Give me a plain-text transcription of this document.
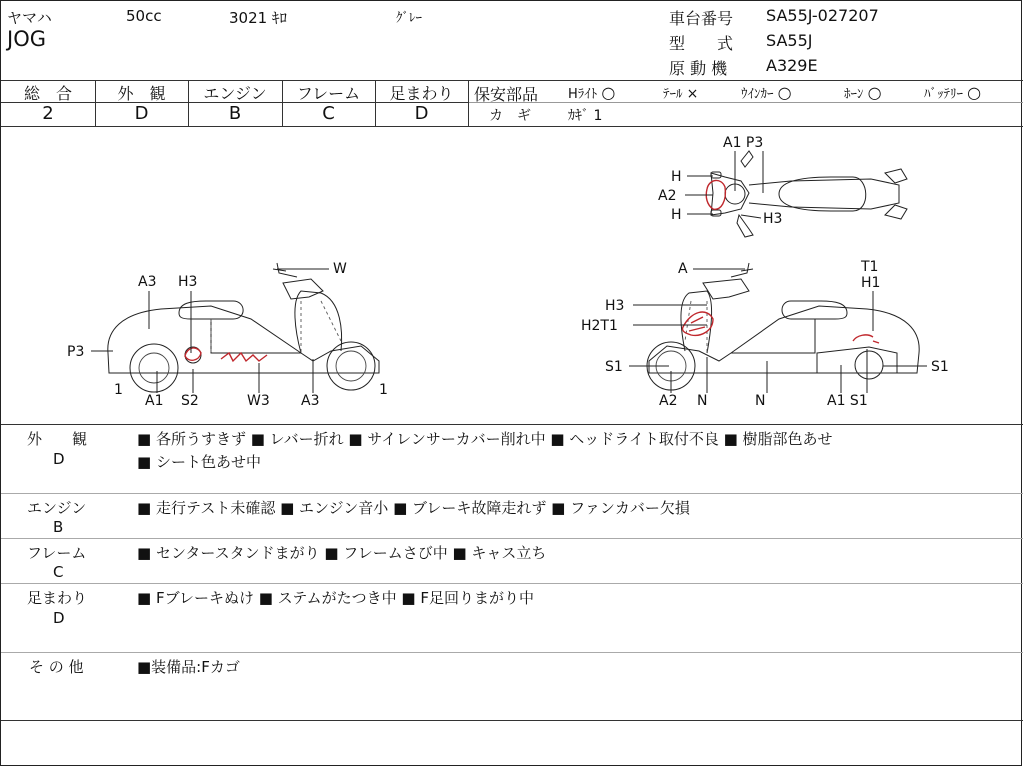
ヤマハ	50cc	3021 ｷﾛ	ｸﾞﾚｰ
JOG
車台番号 SA55J-027207
型　　式 SA55J
原 動 機 A329E
総　合	外　観	エンジン	フレーム	足まわり
2	D	B	C	D
保安部品 Hﾗｲﾄ ○	ﾃｰﾙ ×	ｳｲﾝｶｰ ○	ﾎｰﾝ ○	ﾊﾞｯﾃﾘｰ ○
カ　ギ	ｶｷﾞ 1
A3 H3
W
P3
1	1
A1 S2	W3 A3
A1 P3
H
A2
H	H3
A	T1
H1
H3
H2T1
S1	S1
A2 N	N	A1 S1
外　　観
D
■ 各所うすきず ■ レバー折れ ■ サイレンサーカバー削れ中 ■ ヘッドライト取付不良 ■ 樹脂部色あせ
■ シート色あせ中
エンジン
B
■ 走行テスト未確認 ■ エンジン音小 ■ ブレーキ故障走れず ■ ファンカバー欠損
フレーム
C
■ センタースタンドまがり ■ フレームさび中 ■ キャス立ち
足まわり
D
■ Fブレーキぬけ ■ ステムがたつき中 ■ F足回りまがり中
そ の 他	■装備品:Fカゴ
